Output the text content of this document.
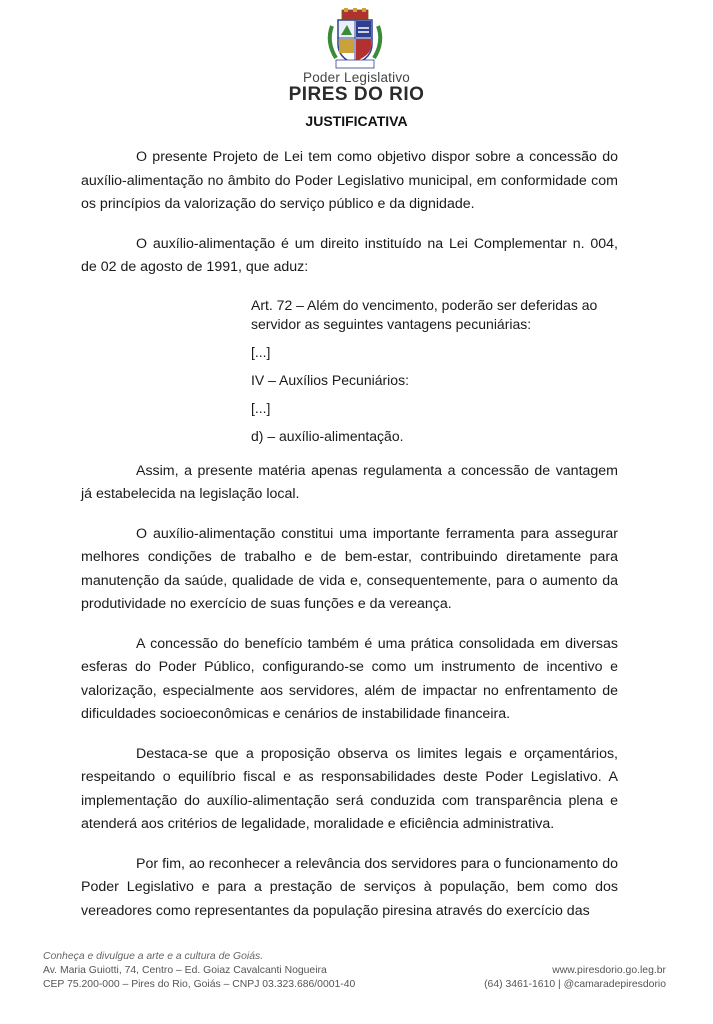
Poder Legislativo
PIRES DO RIO
JUSTIFICATIVA

O presente Projeto de Lei tem como objetivo dispor sobre a concessão do auxílio-alimentação no âmbito do Poder Legislativo municipal, em conformidade com os princípios da valorização do serviço público e da dignidade.

O auxílio-alimentação é um direito instituído na Lei Complementar n. 004, de 02 de agosto de 1991, que aduz:

Art. 72 – Além do vencimento, poderão ser deferidas ao servidor as seguintes vantagens pecuniárias:

[...]

IV – Auxílios Pecuniários:

[...]

d) – auxílio-alimentação.

Assim, a presente matéria apenas regulamenta a concessão de vantagem já estabelecida na legislação local.

O auxílio-alimentação constitui uma importante ferramenta para assegurar melhores condições de trabalho e de bem-estar, contribuindo diretamente para manutenção da saúde, qualidade de vida e, consequentemente, para o aumento da produtividade no exercício de suas funções e da vereança.

A concessão do benefício também é uma prática consolidada em diversas esferas do Poder Público, configurando-se como um instrumento de incentivo e valorização, especialmente aos servidores, além de impactar no enfrentamento de dificuldades socioeconômicas e cenários de instabilidade financeira.

Destaca-se que a proposição observa os limites legais e orçamentários, respeitando o equilíbrio fiscal e as responsabilidades deste Poder Legislativo. A implementação do auxílio-alimentação será conduzida com transparência plena e atenderá aos critérios de legalidade, moralidade e eficiência administrativa.

Por fim, ao reconhecer a relevância dos servidores para o funcionamento do Poder Legislativo e para a prestação de serviços à população, bem como dos vereadores como representantes da população piresina através do exercício das

Conheça e divulgue a arte e a cultura de Goiás.
Av. Maria Guiotti, 74, Centro – Ed. Goiaz Cavalcanti Nogueira
CEP 75.200-000 – Pires do Rio, Goiás – CNPJ 03.323.686/0001-40
www.piresdorio.go.leg.br
(64) 3461-1610 | @camaradepiresdorio
